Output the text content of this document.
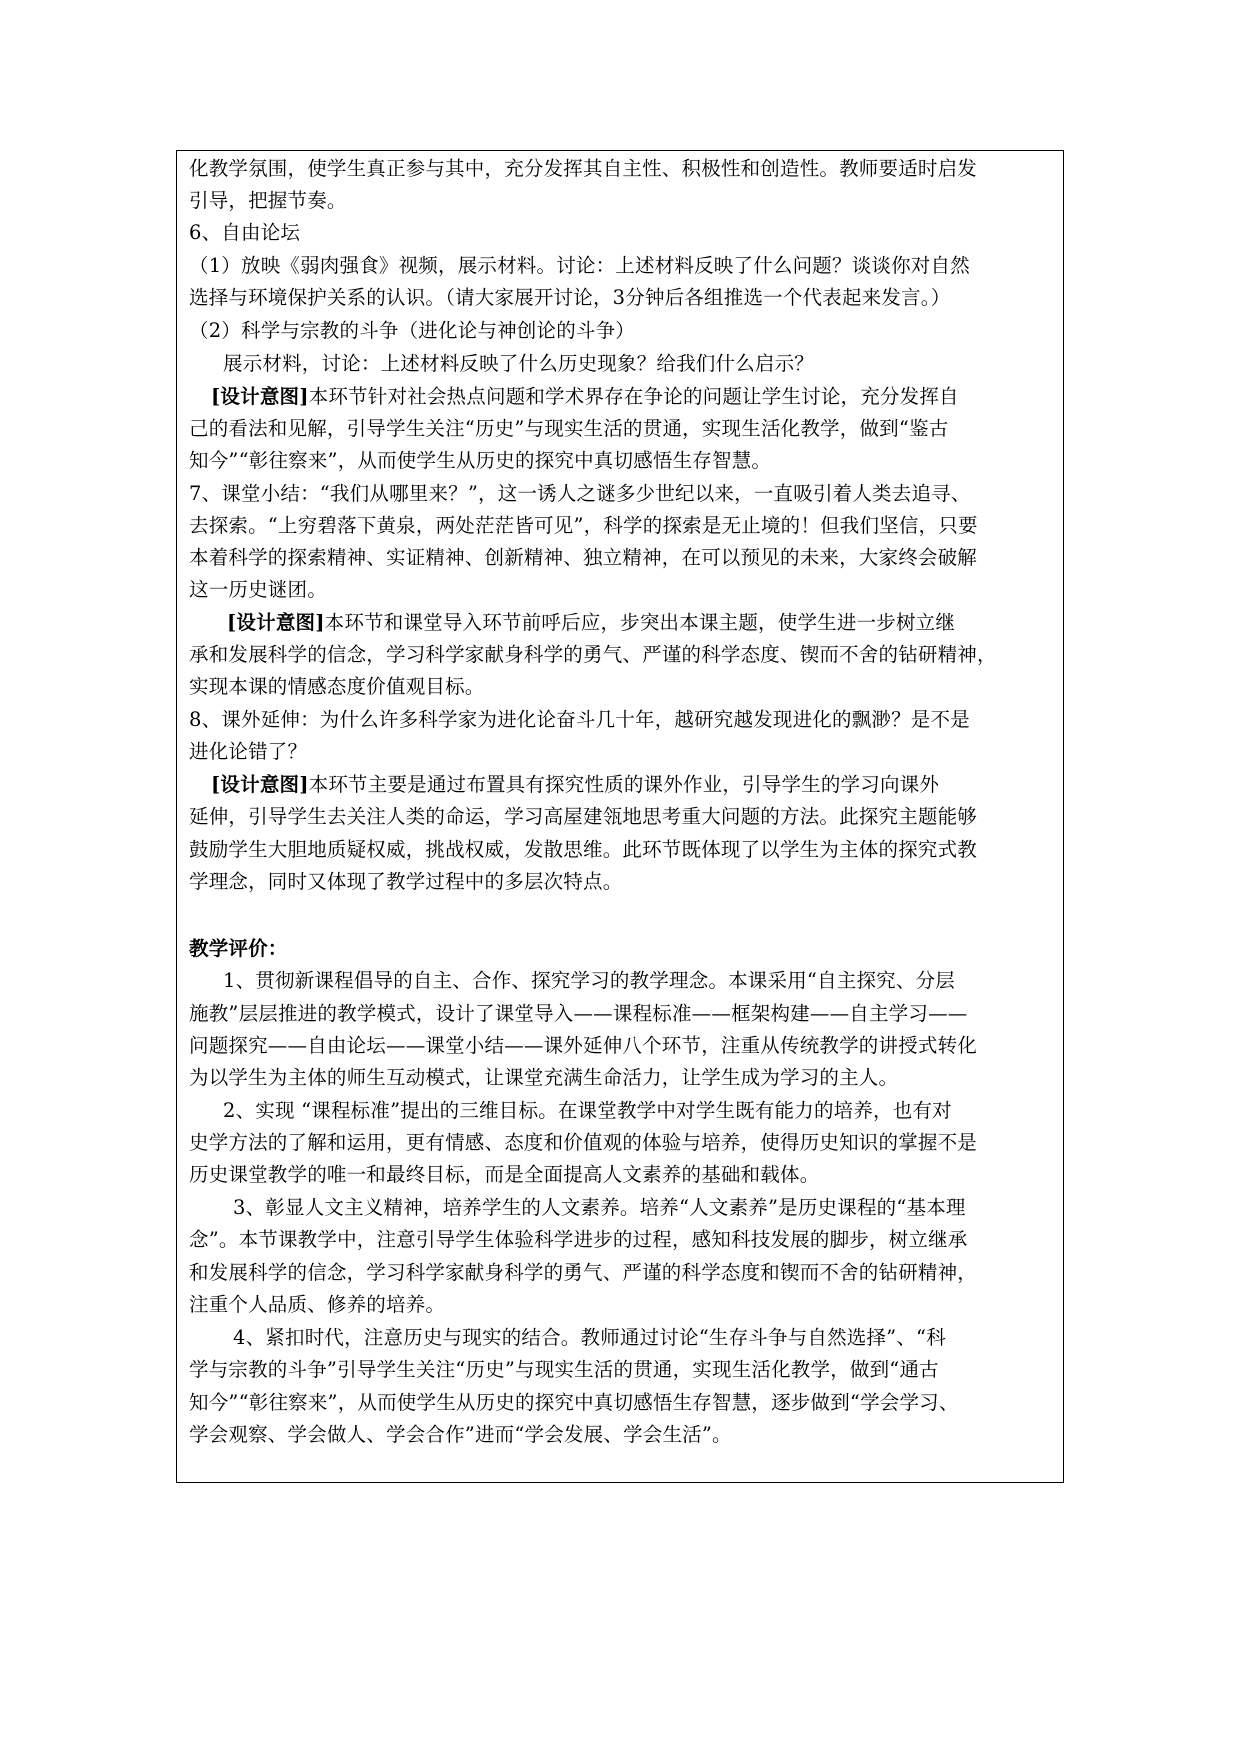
化教学氛围，使学生真正参与其中，充分发挥其自主性、积极性和创造性。教师要适时启发
引导，把握节奏。
6、自由论坛
（1）放映《弱肉强食》视频，展示材料。讨论：上述材料反映了什么问题？谈谈你对自然
选择与环境保护关系的认识。（请大家展开讨论，3分钟后各组推选一个代表起来发言。）
（2）科学与宗教的斗争（进化论与神创论的斗争）
展示材料，讨论：上述材料反映了什么历史现象？给我们什么启示？
[设计意图]本环节针对社会热点问题和学术界存在争论的问题让学生讨论，充分发挥自
己的看法和见解，引导学生关注“历史”与现实生活的贯通，实现生活化教学，做到“鉴古
知今”“彰往察来”，从而使学生从历史的探究中真切感悟生存智慧。
7、课堂小结：“我们从哪里来？”，这一诱人之谜多少世纪以来，一直吸引着人类去追寻、
去探索。“上穷碧落下黄泉，两处茫茫皆可见”，科学的探索是无止境的！但我们坚信，只要
本着科学的探索精神、实证精神、创新精神、独立精神，在可以预见的未来，大家终会破解
这一历史谜团。
[设计意图]本环节和课堂导入环节前呼后应，步突出本课主题，使学生进一步树立继
承和发展科学的信念，学习科学家献身科学的勇气、严谨的科学态度、锲而不舍的钻研精神，
实现本课的情感态度价值观目标。
8、课外延伸：为什么许多科学家为进化论奋斗几十年，越研究越发现进化的飘渺？是不是
进化论错了？
[设计意图]本环节主要是通过布置具有探究性质的课外作业，引导学生的学习向课外
延伸，引导学生去关注人类的命运，学习高屋建瓴地思考重大问题的方法。此探究主题能够
鼓励学生大胆地质疑权威，挑战权威，发散思维。此环节既体现了以学生为主体的探究式教
学理念，同时又体现了教学过程中的多层次特点。
教学评价：
1、贯彻新课程倡导的自主、合作、探究学习的教学理念。本课采用“自主探究、分层
施教”层层推进的教学模式，设计了课堂导入——课程标准——框架构建——自主学习——
问题探究——自由论坛——课堂小结——课外延伸八个环节，注重从传统教学的讲授式转化
为以学生为主体的师生互动模式，让课堂充满生命活力，让学生成为学习的主人。
2、实现 “课程标准”提出的三维目标。在课堂教学中对学生既有能力的培养，也有对
史学方法的了解和运用，更有情感、态度和价值观的体验与培养，使得历史知识的掌握不是
历史课堂教学的唯一和最终目标，而是全面提高人文素养的基础和载体。
3、彰显人文主义精神，培养学生的人文素养。培养“人文素养”是历史课程的“基本理
念”。本节课教学中，注意引导学生体验科学进步的过程，感知科技发展的脚步，树立继承
和发展科学的信念，学习科学家献身科学的勇气、严谨的科学态度和锲而不舍的钻研精神，
注重个人品质、修养的培养。
4、紧扣时代，注意历史与现实的结合。教师通过讨论“生存斗争与自然选择”、“科
学与宗教的斗争”引导学生关注“历史”与现实生活的贯通，实现生活化教学，做到“通古
知今”“彰往察来”，从而使学生从历史的探究中真切感悟生存智慧，逐步做到“学会学习、
学会观察、学会做人、学会合作”进而“学会发展、学会生活”。
